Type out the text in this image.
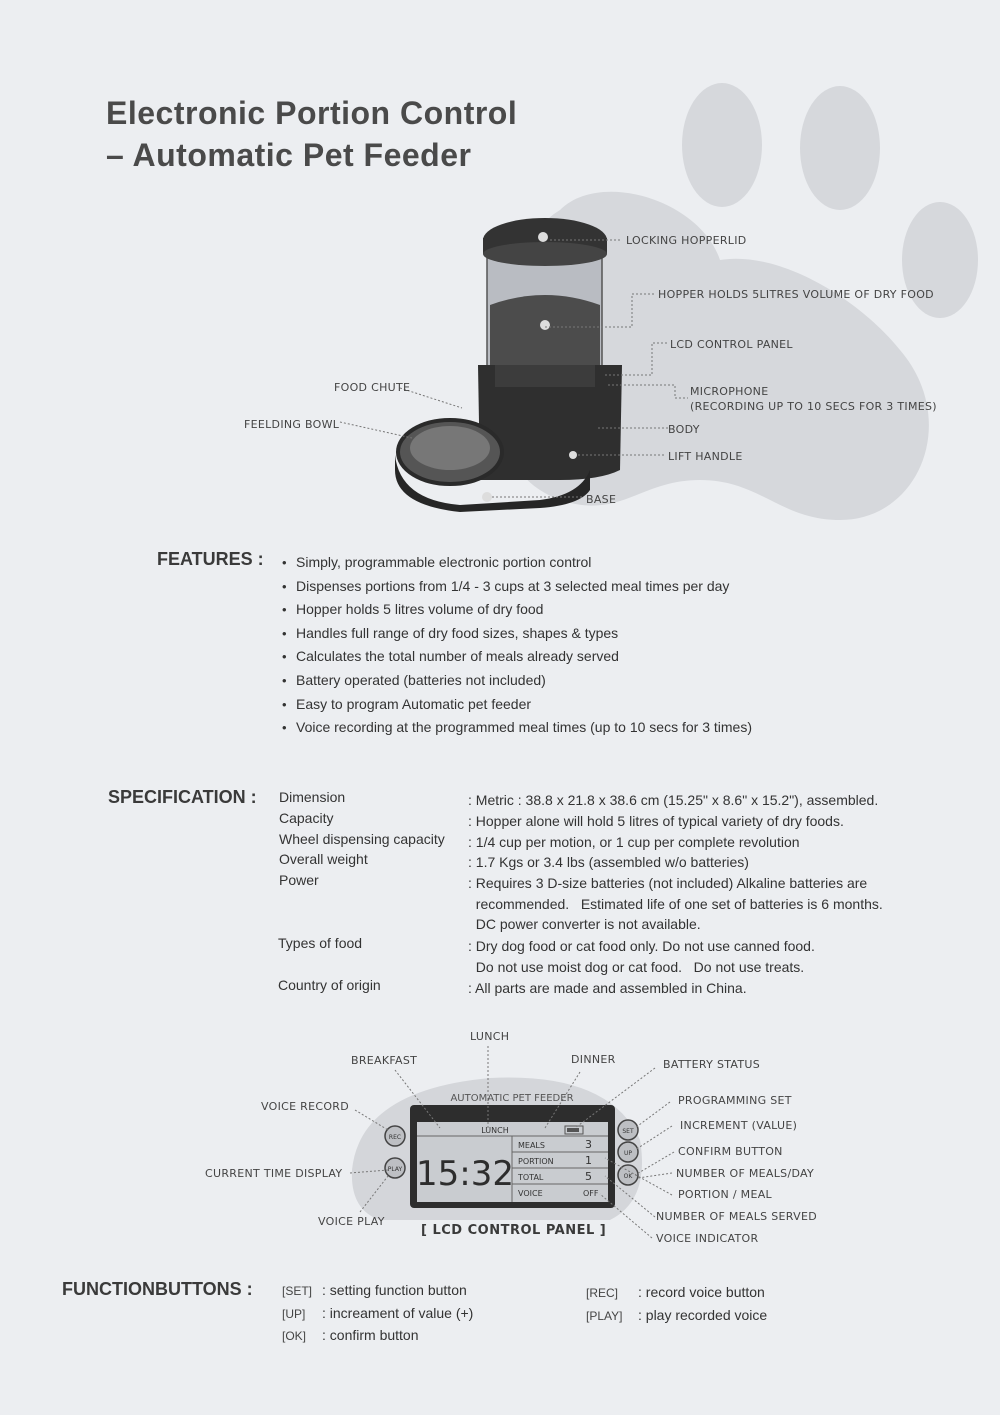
Electronic Portion Control
– Automatic Pet Feeder
LOCKING HOPPERLID
HOPPER HOLDS 5LITRES VOLUME OF DRY FOOD
LCD CONTROL PANEL
MICROPHONE
(RECORDING UP TO 10 SECS FOR 3 TIMES)
BODY
LIFT HANDLE
BASE
FOOD CHUTE
FEELDING BOWL
FEATURES :	• Simply, programmable electronic portion control
• Dispenses portions from 1/4 - 3 cups at 3 selected meal times per day
• Hopper holds 5 litres volume of dry food
• Handles full range of dry food sizes, shapes & types
• Calculates the total number of meals already served
• Battery operated (batteries not included)
• Easy to program Automatic pet feeder
• Voice recording at the programmed meal times (up to 10 secs for 3 times)
SPECIFICATION : Dimension	: Metric : 38.8 x 21.8 x 38.6 cm (15.25" x 8.6" x 15.2"), assembled.
Capacity	: Hopper alone will hold 5 litres of typical variety of dry foods.
Wheel dispensing capacity : 1/4 cup per motion, or 1 cup per complete revolution
Overall weight	: 1.7 Kgs or 3.4 lbs (assembled w/o batteries)
Power	: Requires 3 D-size batteries (not included) Alkaline batteries are
recommended.   Estimated life of one set of batteries is 6 months.
DC power converter is not available.
Types of food	: Dry dog food or cat food only. Do not use canned food.
Do not use moist dog or cat food.   Do not use treats.
Country of origin	: All parts are made and assembled in China.
AUTOMATIC PET FEEDER
15:32
LUNCH
MEALS	3
PORTION	1
TOTAL	5
VOICE	OFF
REC
PLAY
SET
UP
OK
LUNCH
BREAKFAST	DINNER	BATTERY STATUS
VOICE RECORD
CURRENT TIME DISPLAY
VOICE PLAY
PROGRAMMING SET
INCREMENT (VALUE)
CONFIRM BUTTON
NUMBER OF MEALS/DAY
PORTION / MEAL
NUMBER OF MEALS SERVED
VOICE INDICATOR
[ LCD CONTROL PANEL ]
FUNCTIONBUTTONS : [SET] : setting function button
[UP] : increament of value (+)
[OK] : confirm button
[REC] : record voice button
[PLAY] : play recorded voice
